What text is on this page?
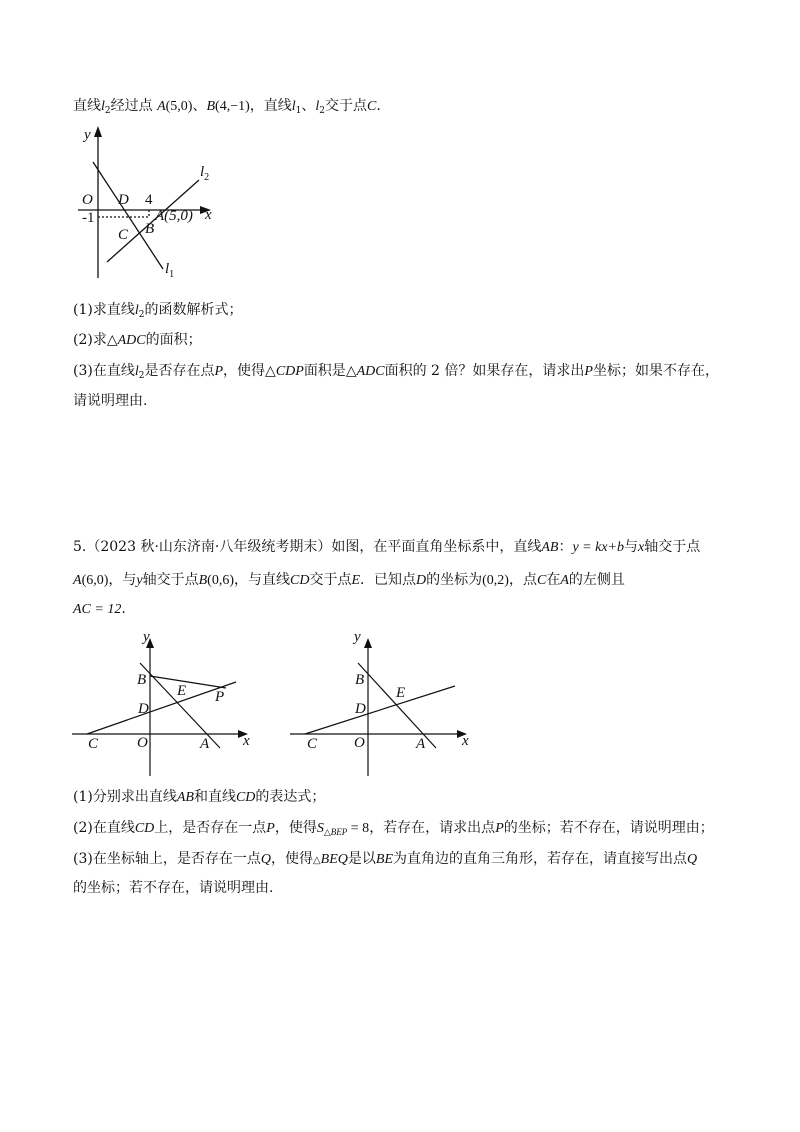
直线$l_2$经过点 A(5,0)、B(4,−1)，直线$l_1$、$l_2$交于点C.
y
x
O D 4
A(5,0)
-1
C B
$l_1$
$l_2$
(1)求直线$l_2$的函数解析式；
(2)求△ADC的面积；
(3)在直线$l_2$是否存在点P，使得△CDP面积是△ADC面积的 2 倍？如果存在，请求出P坐标；如果不存在，
请说明理由.
5.（2023 秋·山东济南·八年级统考期末）如图，在平面直角坐标系中，直线AB：y = kx+b与x轴交于点
A(6,0)，与y轴交于点B(0,6)，与直线CD交于点E．已知点D的坐标为(0,2)，点C在A的左侧且
AC = 12.
y
x
B
E P
D
C	O	A
y
x
B
E
D
C O	A
(1)分别求出直线AB和直线CD的表达式；
(2)在直线CD上，是否存在一点P，使得$S_{\triangle BEP} = 8$，若存在，请求出点P的坐标；若不存在，请说明理由；
(3)在坐标轴上，是否存在一点Q，使得△BEQ是以BE为直角边的直角三角形，若存在，请直接写出点Q
的坐标；若不存在，请说明理由.
